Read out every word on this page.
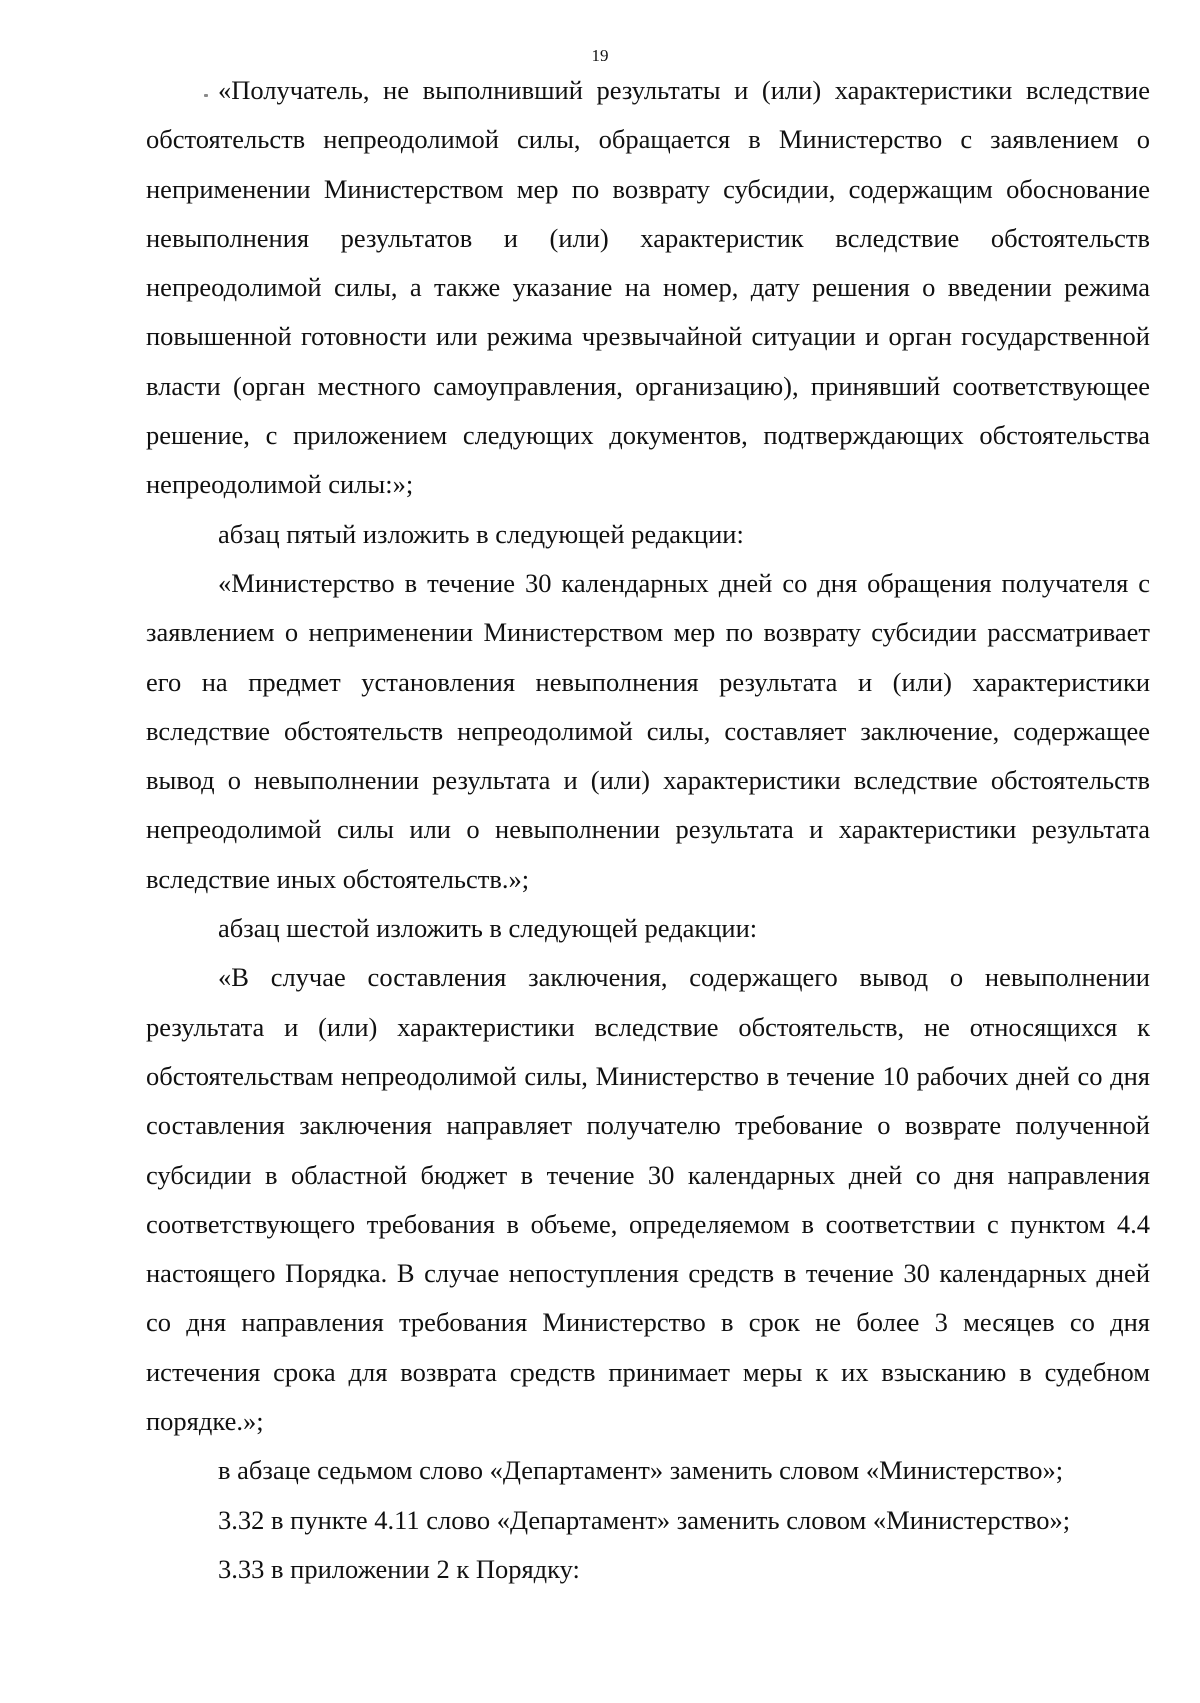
19

«Получатель, не выполнивший результаты и (или) характеристики вследствие обстоятельств непреодолимой силы, обращается в Министерство с заявлением о неприменении Министерством мер по возврату субсидии, содержащим обоснование невыполнения результатов и (или) характеристик вследствие обстоятельств непреодолимой силы, а также указание на номер, дату решения о введении режима повышенной готовности или режима чрезвычайной ситуации и орган государственной власти (орган местного самоуправления, организацию), принявший соответствующее решение, с приложением следующих документов, подтверждающих обстоятельства непреодолимой силы:»;

абзац пятый изложить в следующей редакции:

«Министерство в течение 30 календарных дней со дня обращения получателя с заявлением о неприменении Министерством мер по возврату субсидии рассматривает его на предмет установления невыполнения результата и (или) характеристики вследствие обстоятельств непреодолимой силы, составляет заключение, содержащее вывод о невыполнении результата и (или) характеристики вследствие обстоятельств непреодолимой силы или о невыполнении результата и характеристики результата вследствие иных обстоятельств.»;

абзац шестой изложить в следующей редакции:

«В случае составления заключения, содержащего вывод о невыполнении результата и (или) характеристики вследствие обстоятельств, не относящихся к обстоятельствам непреодолимой силы, Министерство в течение 10 рабочих дней со дня составления заключения направляет получателю требование о возврате полученной субсидии в областной бюджет в течение 30 календарных дней со дня направления соответствующего требования в объеме, определяемом в соответствии с пунктом 4.4 настоящего Порядка. В случае непоступления средств в течение 30 календарных дней со дня направления требования Министерство в срок не более 3 месяцев со дня истечения срока для возврата средств принимает меры к их взысканию в судебном порядке.»;

в абзаце седьмом слово «Департамент» заменить словом «Министерство»;

3.32 в пункте 4.11 слово «Департамент» заменить словом «Министерство»;

3.33 в приложении 2 к Порядку:
